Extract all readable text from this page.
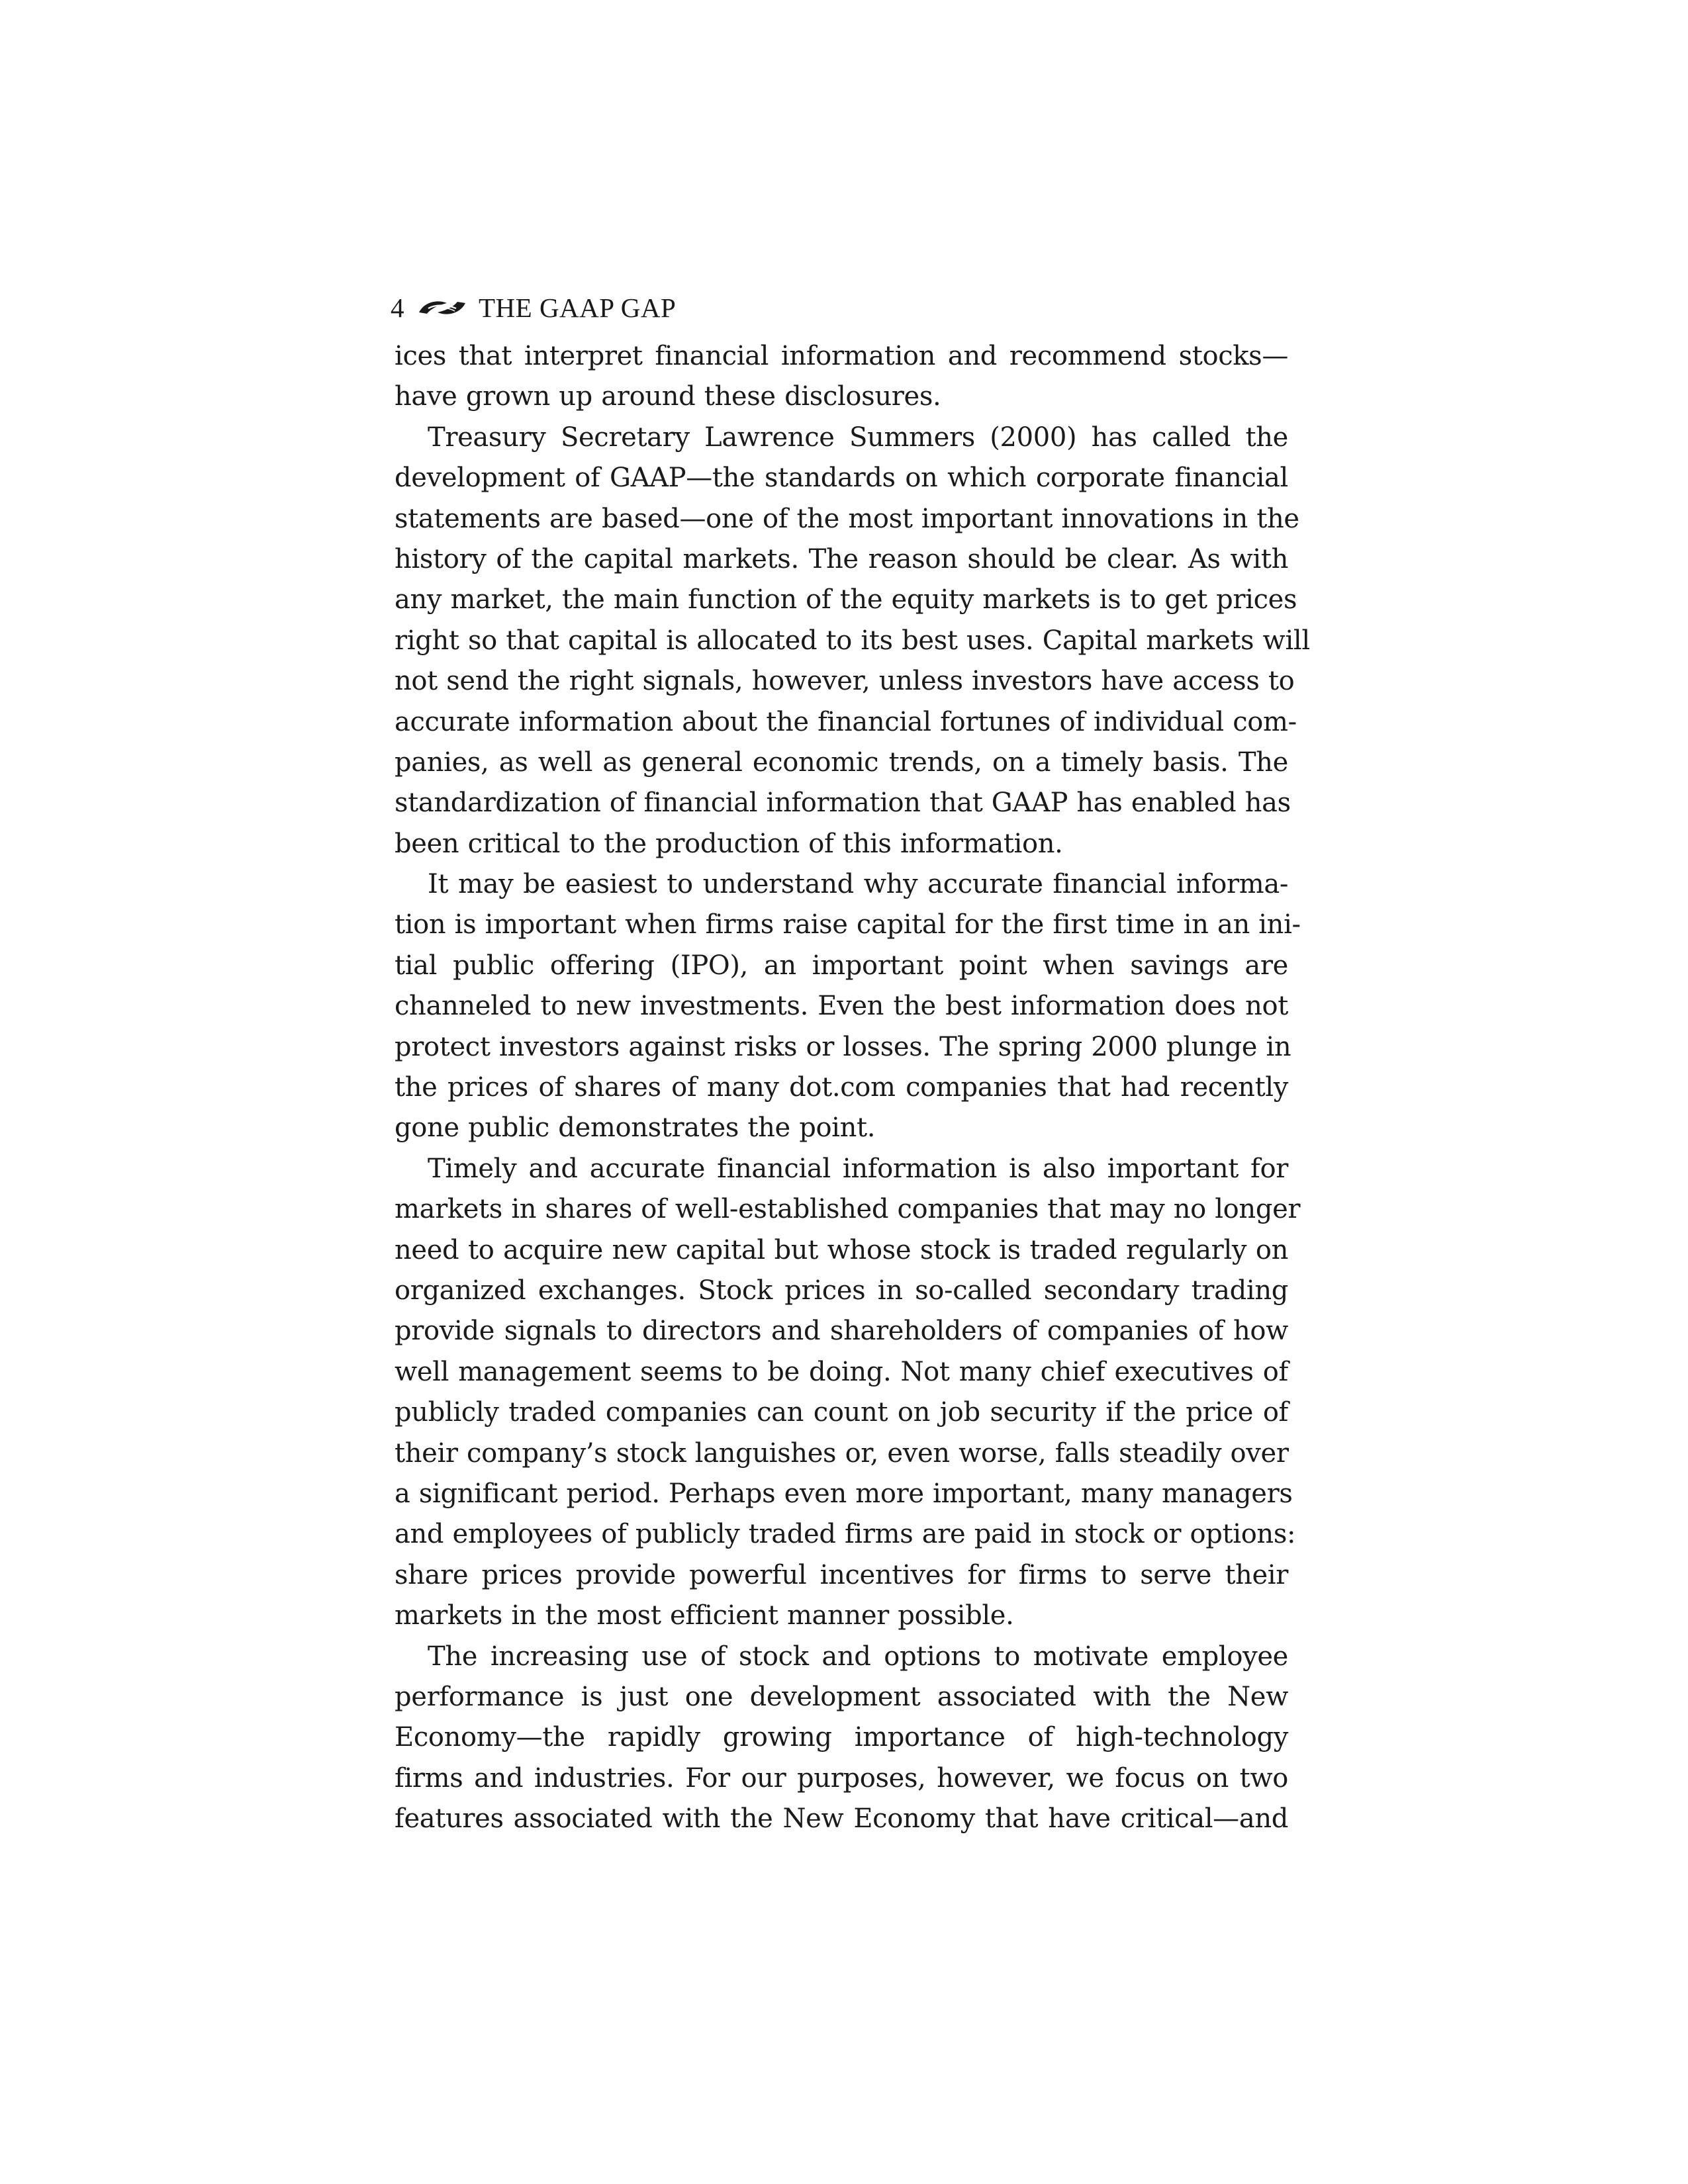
4	THE GAAP GAP

ices that interpret financial information and recommend stocks—
have grown up around these disclosures.

Treasury Secretary Lawrence Summers (2000) has called the
development of GAAP—the standards on which corporate financial
statements are based—one of the most important innovations in the
history of the capital markets. The reason should be clear. As with
any market, the main function of the equity markets is to get prices
right so that capital is allocated to its best uses. Capital markets will
not send the right signals, however, unless investors have access to
accurate information about the financial fortunes of individual com-
panies, as well as general economic trends, on a timely basis. The
standardization of financial information that GAAP has enabled has
been critical to the production of this information.

It may be easiest to understand why accurate financial informa-
tion is important when firms raise capital for the first time in an ini-
tial public offering (IPO), an important point when savings are
channeled to new investments. Even the best information does not
protect investors against risks or losses. The spring 2000 plunge in
the prices of shares of many dot.com companies that had recently
gone public demonstrates the point.

Timely and accurate financial information is also important for
markets in shares of well-established companies that may no longer
need to acquire new capital but whose stock is traded regularly on
organized exchanges. Stock prices in so-called secondary trading
provide signals to directors and shareholders of companies of how
well management seems to be doing. Not many chief executives of
publicly traded companies can count on job security if the price of
their company’s stock languishes or, even worse, falls steadily over
a significant period. Perhaps even more important, many managers
and employees of publicly traded firms are paid in stock or options:
share prices provide powerful incentives for firms to serve their
markets in the most efficient manner possible.

The increasing use of stock and options to motivate employee
performance is just one development associated with the New
Economy—the rapidly growing importance of high-technology
firms and industries. For our purposes, however, we focus on two
features associated with the New Economy that have critical—and
